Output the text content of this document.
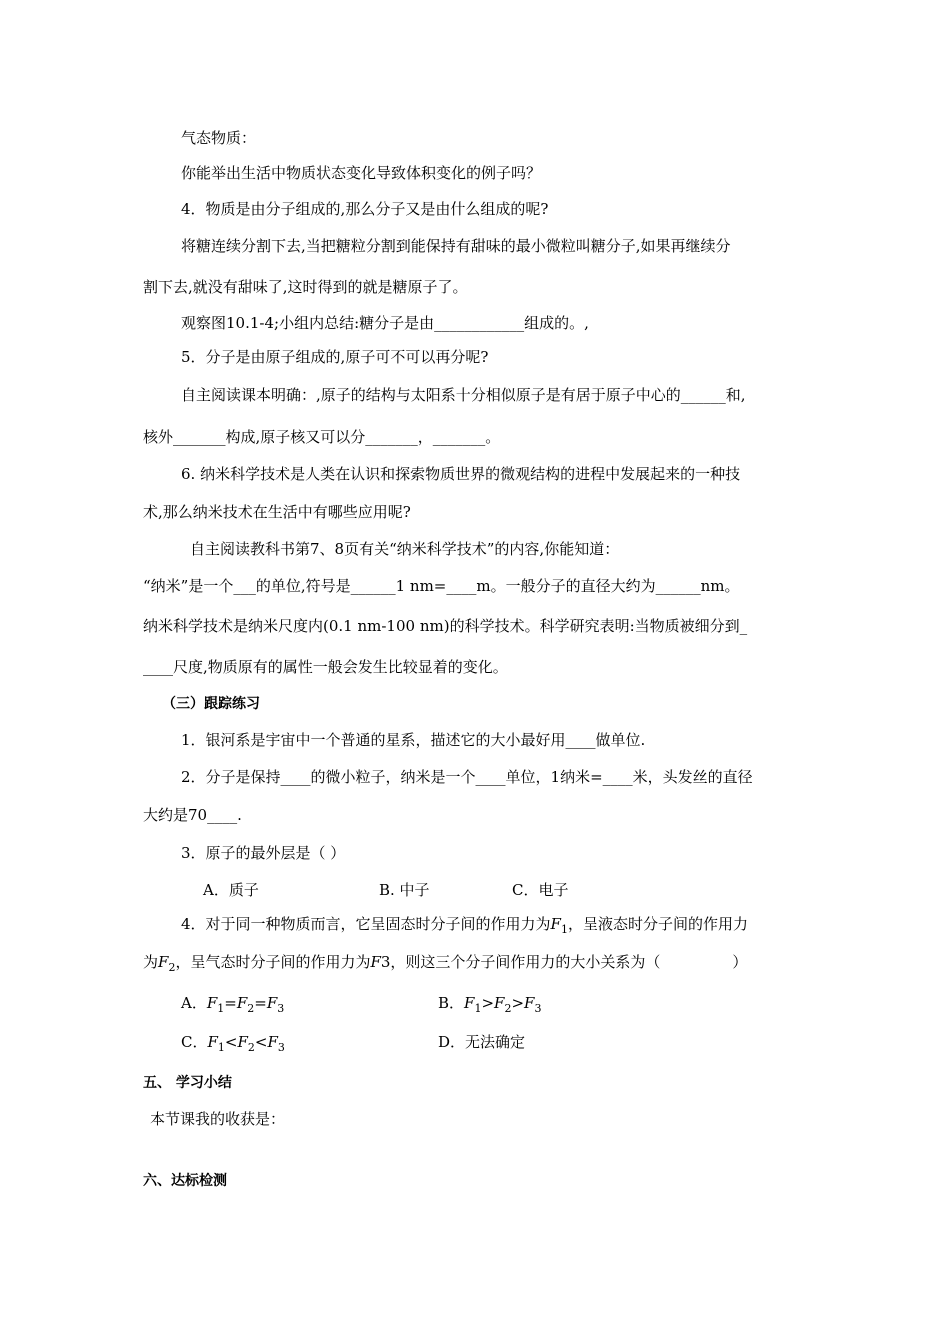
气态物质：
你能举出生活中物质状态变化导致体积变化的例子吗？
4．物质是由分子组成的,那么分子又是由什么组成的呢?
将糖连续分割下去,当把糖粒分割到能保持有甜味的最小微粒叫糖分子,如果再继续分
割下去,就没有甜味了,这时得到的就是糖原子了。
观察图10.1-4;小组内总结:糖分子是由____________组成的。,
5．分子是由原子组成的,原子可不可以再分呢?
自主阅读课本明确：,原子的结构与太阳系十分相似原子是有居于原子中心的______和,
核外_______构成,原子核又可以分_______，_______。
6. 纳米科学技术是人类在认识和探索物质世界的微观结构的进程中发展起来的一种技
术,那么纳米技术在生活中有哪些应用呢?
自主阅读教科书第7、8页有关“纳米科学技术”的内容,你能知道：
“纳米”是一个___的单位,符号是______1 nm=____m。一般分子的直径大约为______nm。
纳米科学技术是纳米尺度内(0.1 nm-100 nm)的科学技术。科学研究表明:当物质被细分到_
____尺度,物质原有的属性一般会发生比较显着的变化。
（三）跟踪练习
1．银河系是宇宙中一个普通的星系，描述它的大小最好用____做单位.
2．分子是保持____的微小粒子，纳米是一个____单位，1纳米=____米，头发丝的直径
大约是70____.
3．原子的最外层是（ ）
A．质子	B. 中子	C．电子
4．对于同一种物质而言，它呈固态时分子间的作用力为$F_1$，呈液态时分子间的作用力
为$F_2$，呈气态时分子间的作用力为F3，则这三个分子间作用力的大小关系为（	）
A．$F_1=F_2=F_3$	B．$F_1>F_2>F_3$
C．$F_1<F_2<F_3$	D．无法确定
五、 学习小结
本节课我的收获是：
六、达标检测
